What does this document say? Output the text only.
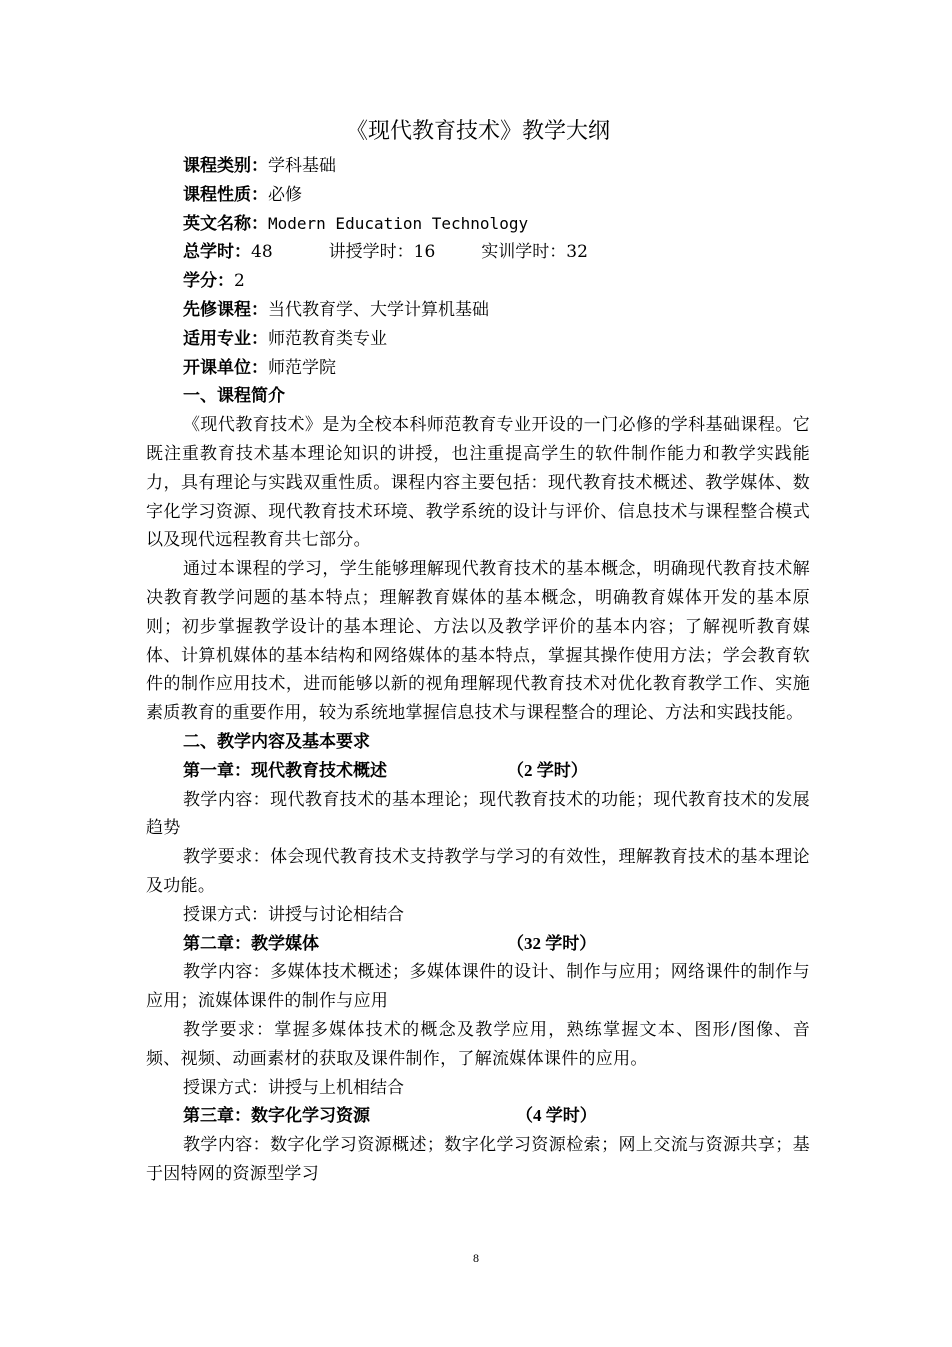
《现代教育技术》教学大纲
课程类别：学科基础
课程性质：必修
英文名称：Modern Education Technology
总学时：48	讲授学时：16	实训学时：32
学分：2
先修课程：当代教育学、大学计算机基础
适用专业：师范教育类专业
开课单位：师范学院
一、课程简介

《现代教育技术》是为全校本科师范教育专业开设的一门必修的学科基础课程。它既注重教育技术基本理论知识的讲授，也注重提高学生的软件制作能力和教学实践能力，具有理论与实践双重性质。课程内容主要包括：现代教育技术概述、教学媒体、数字化学习资源、现代教育技术环境、教学系统的设计与评价、信息技术与课程整合模式以及现代远程教育共七部分。

通过本课程的学习，学生能够理解现代教育技术的基本概念，明确现代教育技术解决教育教学问题的基本特点；理解教育媒体的基本概念，明确教育媒体开发的基本原则；初步掌握教学设计的基本理论、方法以及教学评价的基本内容；了解视听教育媒体、计算机媒体的基本结构和网络媒体的基本特点，掌握其操作使用方法；学会教育软件的制作应用技术，进而能够以新的视角理解现代教育技术对优化教育教学工作、实施素质教育的重要作用，较为系统地掌握信息技术与课程整合的理论、方法和实践技能。

二、教学内容及基本要求
第一章：现代教育技术概述	（2 学时）

教学内容：现代教育技术的基本理论；现代教育技术的功能；现代教育技术的发展趋势

教学要求：体会现代教育技术支持教学与学习的有效性，理解教育技术的基本理论及功能。

授课方式：讲授与讨论相结合
第二章：教学媒体	（32 学时）

教学内容：多媒体技术概述；多媒体课件的设计、制作与应用；网络课件的制作与应用；流媒体课件的制作与应用

教学要求：掌握多媒体技术的概念及教学应用，熟练掌握文本、图形/图像、音频、视频、动画素材的获取及课件制作，了解流媒体课件的应用。

授课方式：讲授与上机相结合
第三章：数字化学习资源	（4 学时）

教学内容：数字化学习资源概述；数字化学习资源检索；网上交流与资源共享；基于因特网的资源型学习

8
